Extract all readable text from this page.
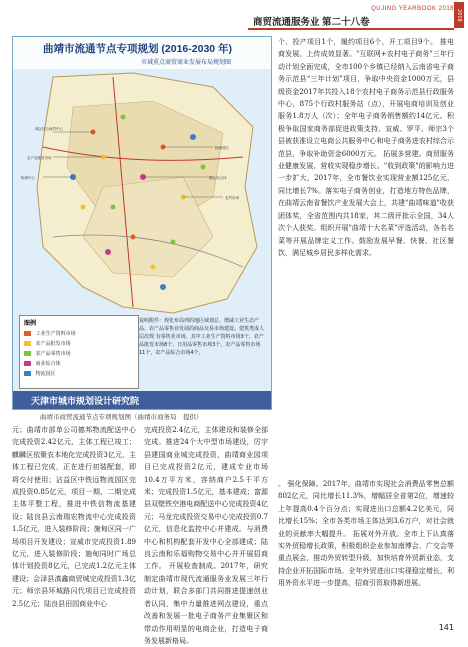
QUJING YEARBOOK 2018
商贸流通服务业 第二十八卷
2018
城区综合商贸中心
物流园区
农产品批发市场
商业综合体
农贸市场
物流中心
曲靖市流通节点专项规划 (2016-2030 年)
市域重点商贸商业发展布局规划图
图例
工业生产资料市场
农产品批发市场
农产品零售市场
商业综合体
物流园区
说明附件：规化布局列的地区域划总。增减工业生态产品、农产品零售业发展的商品交易市场建设。建筑类成人层次规 有零售业市场、其中工业生产资料市场3个、农产品批发市场8个、日用品零售市场3个，农产品零售市场11个，农产品综合市场4个。
天津市城市规划设计研究院
曲靖市商贸流通节点专项规划图（曲靖市商务局　提供）
元；曲靖市部单公司德邦物流配送中心完成投资2.42亿元，主体工程已竣工；麒麟区依聚农本地化完成投资3亿元，主体工程已完成，正在进行初装配套，即将交付使用；沾益区中铁远物流园区完成投资0.85亿元，项目一期、二期完成主体平整工程，推进中铁信物流基建设；陆良县云南瑞宏物流中心完成投资1.5亿元，进入装修阶段；施甸区同一广场项目开发建设；宣威市完成投资1.89亿元，进入装修阶段；施甸同时广场总体计划投资8亿元，已完成1.2亿元主体建设；会泽县滇鑫商贸城完成投资1.3亿元；师宗县环城路闪代项目已完成投资2.5亿元；陆良县田园商业中心
完成投资2.4亿元，主体建设和装修全部完成。推进24个大中型市场建设，厉宇县建国商业城完成投资，曲靖商业园项目已完成投资2亿元，建成专业市场10.4万平方米，容纳商户2.5千平方米；完成投资1.5亿元，基本建成；富源县双壁铁空港电商配送中心完成投资4亿元；马龙完成投资交易中心完成投资0.7亿元，信息化监控中心并建成。与消费中心和机构配套开发中心全部建成；陆良云南和乐福购物交易中心并开展招商工作。 开展检查制成。2017年，研究制定曲靖市现代流通服务业发展三年行动计划，联合多部门共同推进提速创业者认同，集中力量推进网点建设，重点改善和发展一批电子商务产业集聚区和带动作用明显的电商企业，打造电子商务发展新格局。
个、投产项目1个，履约项目6个，开工项目9个。 推电商发展。上传成效显著。"互联网+农村电子商务"三年行动计划全面完成，全市100个乡镇已经纳入云南省电子商务示范县“三年计划”项目，争取中央资金1000万元，县级资金2017年共投入18个农村电子商务示范县行政服务中心，875个行政村服务站（点），开展电商培训及创业服务1.8万人（次）；全年电子商务销售额约14亿元。积极争取国家商务部促进政策支持、宣威、罗平、师宗3个县被获准设立电商公共服务中心和电子商务进农村综合示范县，争取补助资金6000万元。 拓展多营建。商贸服务业健康发展、营收实现稳步增长。"收到政策"的影响力进一步扩大，2017年，全市餐饮业实现营业额125亿元，同比增长7%。落实电子商务创业，打造地方特色品牌，在曲靖云南省餐饮产业发展大会上，共建"曲靖味道"收获团体奖，全省范围内共18家，其二级评批示全国，34人次个人获奖。组织开展"曲靖十大名菜"评选活动，各名名菜等开展品牌定义工作。鼓励发展早餐、快餐、社区餐饮，满足城乡居民多样化需求。
。 强化保障。2017年，曲靖市实现社会消费品零售总额802亿元，同比增长11.3%，增幅居全省第2位，增速较上年提高0.4个百分点；实现进出口总额4.2亿美元，同比增长15%；全市各类市场主体达到3.6万户，对社会就业的贡献率大幅提升。 拓展对外开放。全市上下认真落实外贸稳增长政策，积极组织企业参加南博会、广交会等重点展会，推动外贸转型升级，加快培育外贸新业态，支持企业开拓国际市场。全年外贸进出口实现稳定增长，利用外资水平进一步提高，招商引资取得新进展。
141
